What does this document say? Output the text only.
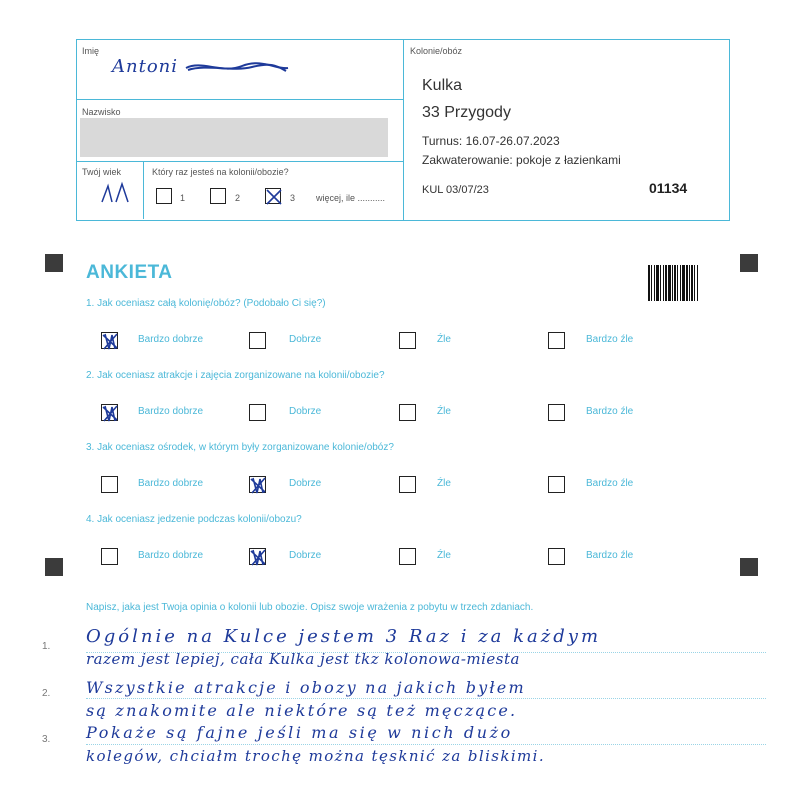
Imię
Antoni
Nazwisko
Twój wiek	Który raz jesteś na kolonii/obozie?
1	2	3 więcej, ile ...........
Kolonie/obóz
Kulka
33 Przygody
Turnus: 16.07-26.07.2023
Zakwaterowanie: pokoje z łazienkami
KUL 03/07/23	01134
ANKIETA
1. Jak oceniasz całą kolonię/obóz? (Podobało Ci się?)
Bardzo dobrze	Dobrze	Źle	Bardzo źle
2. Jak oceniasz atrakcje i zajęcia zorganizowane na kolonii/obozie?
Bardzo dobrze	Dobrze	Źle	Bardzo źle
3. Jak oceniasz ośrodek, w którym były zorganizowane kolonie/obóz?
Bardzo dobrze	Dobrze	Źle	Bardzo źle
4. Jak oceniasz jedzenie podczas kolonii/obozu?
Bardzo dobrze	Dobrze	Źle	Bardzo źle
Napisz, jaka jest Twoja opinia o kolonii lub obozie. Opisz swoje wrażenia z pobytu w trzech zdaniach.
1.
2.
3.
Ogólnie na Kulce jestem 3 Raz i za każdym
razem jest lepiej, cała Kulka jest tkz kolonowa-miesta
Wszystkie atrakcje i obozy na jakich byłem
są znakomite ale niektóre są też męczące.
Pokaże są fajne jeśli ma się w nich dużo
kolegów, chciałm trochę można tęsknić za bliskimi.
